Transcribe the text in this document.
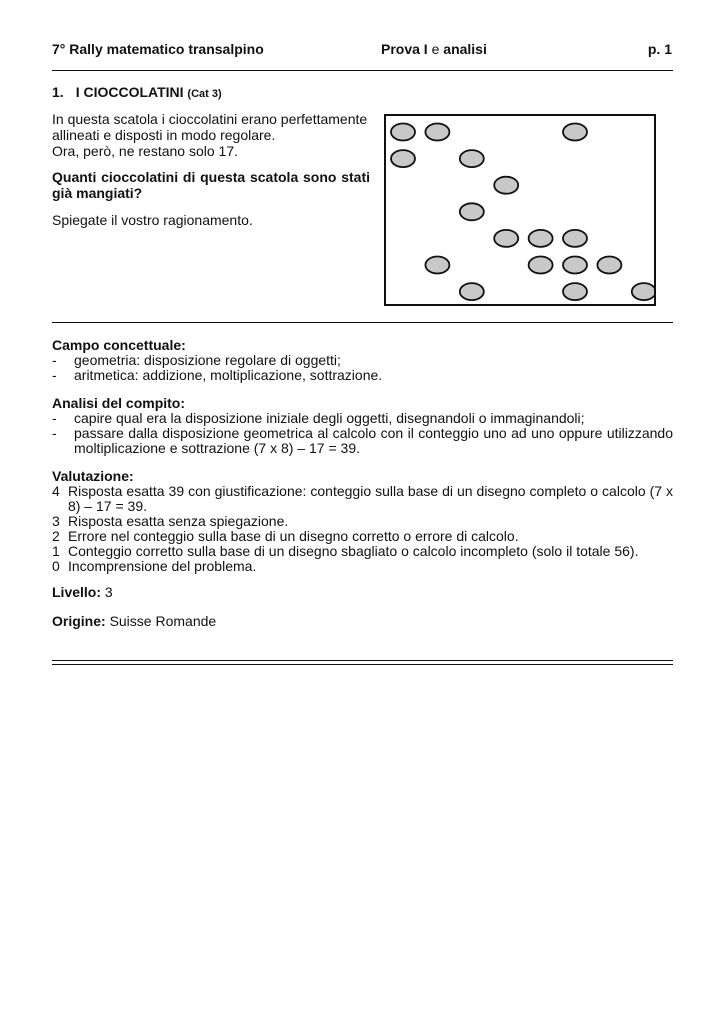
7° Rally matematico transalpino	Prova I e analisi	p. 1
1. I CIOCCOLATINI (Cat 3)

In questa scatola i cioccolatini erano perfettamente

allineati e disposti in modo regolare.

Ora, però, ne restano solo 17.

Quanti cioccolatini di questa scatola sono stati già mangiati?
Spiegate il vostro ragionamento.
Campo concettuale:
-	geometria: disposizione regolare di oggetti;
-	aritmetica: addizione, moltiplicazione, sottrazione.
Analisi del compito:
-	capire qual era la disposizione iniziale degli oggetti, disegnandoli o immaginandoli;
-	passare dalla disposizione geometrica al calcolo con il conteggio uno ad uno oppure utilizzando moltiplicazione e sottrazione (7 x 8) – 17 = 39.
Valutazione:
4 Risposta esatta 39 con giustificazione: conteggio sulla base di un disegno completo o calcolo (7 x 8) – 17 = 39.
3 Risposta esatta senza spiegazione.
2 Errore nel conteggio sulla base di un disegno corretto o errore di calcolo.
1 Conteggio corretto sulla base di un disegno sbagliato o calcolo incompleto (solo il totale 56).
0 Incomprensione del problema.
Livello: 3
Origine: Suisse Romande
